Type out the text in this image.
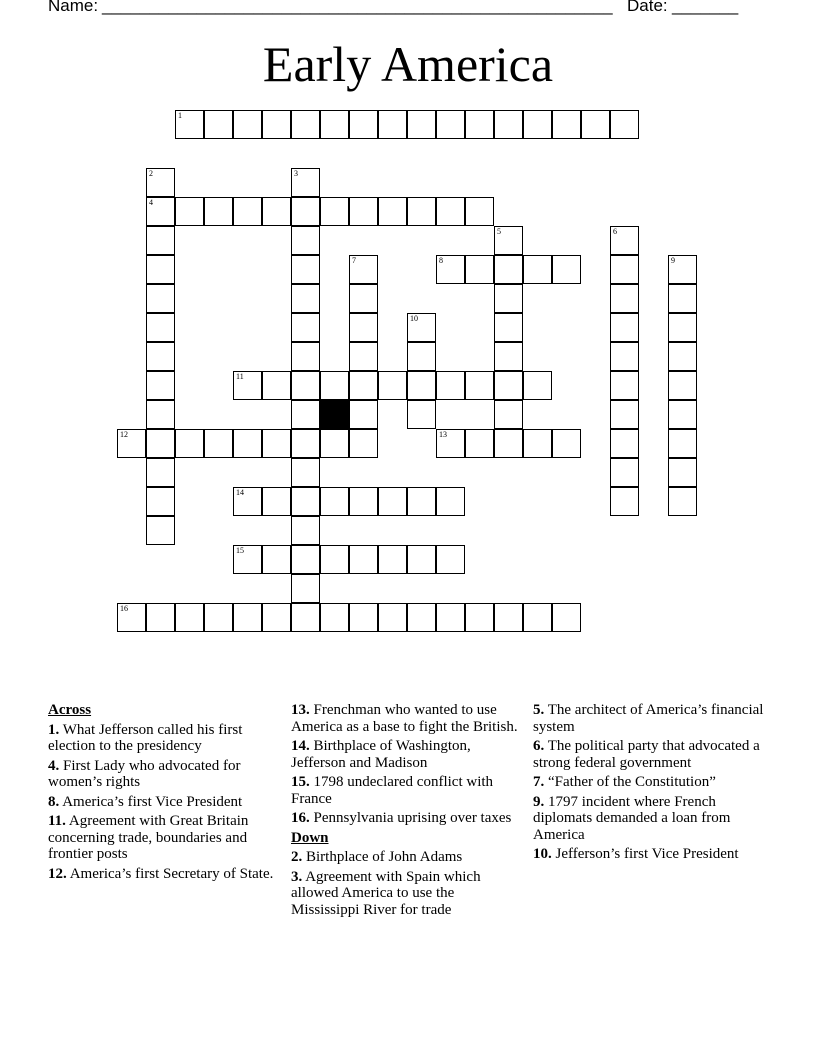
Name: ______________________________________________________ Date: _______
Early America
1
2
4
3
5	6
7	8	9
10
11
12	13
14
15
16
Across
1. What Jefferson called his first election to the presidency
4. First Lady who advocated for women’s rights
8. America’s first Vice President
11. Agreement with Great Britain concerning trade, boundaries and frontier posts
12. America’s first Secretary of State.
13. Frenchman who wanted to use America as a base to fight the British.
14. Birthplace of Washington, Jefferson and Madison
15. 1798 undeclared conflict with France
16. Pennsylvania uprising over taxes
Down
2. Birthplace of John Adams
3. Agreement with Spain which allowed America to use the Mississippi River for trade
5. The architect of America’s financial system
6. The political party that advocated a strong federal government
7. “Father of the Constitution”
9. 1797 incident where French diplomats demanded a loan from America
10. Jefferson’s first Vice President
